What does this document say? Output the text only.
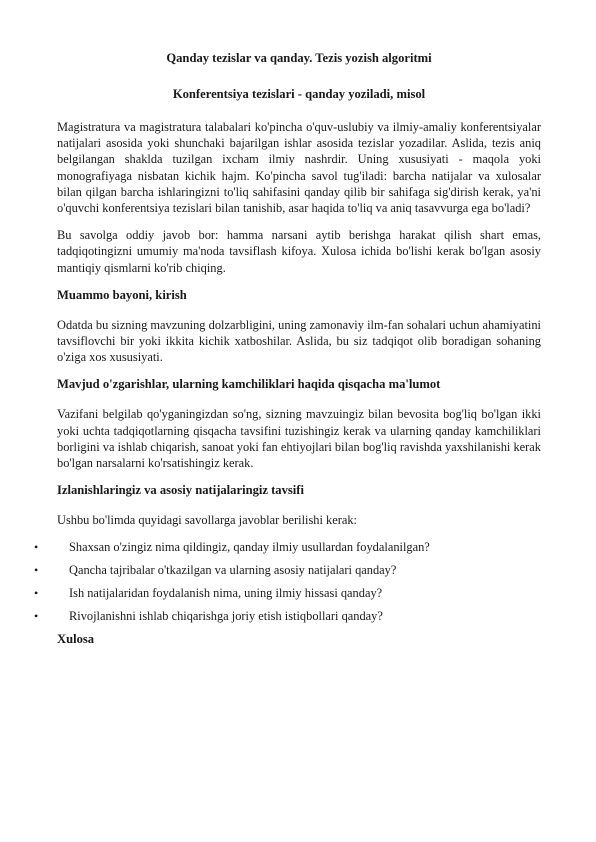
Qanday tezislar va qanday. Tezis yozish algoritmi
Konferentsiya tezislari - qanday yoziladi, misol

Magistratura va magistratura talabalari ko'pincha o'quv-uslubiy va ilmiy-amaliy konferentsiyalar natijalari asosida yoki shunchaki bajarilgan ishlar asosida tezislar yozadilar. Aslida, tezis aniq belgilangan shaklda tuzilgan ixcham ilmiy nashrdir. Uning xususiyati - maqola yoki monografiyaga nisbatan kichik hajm. Ko'pincha savol tug'iladi: barcha natijalar va xulosalar bilan qilgan barcha ishlaringizni to'liq sahifasini qanday qilib bir sahifaga sig'dirish kerak, ya'ni o'quvchi konferentsiya tezislari bilan tanishib, asar haqida to'liq va aniq tasavvurga ega bo'ladi?

Bu savolga oddiy javob bor: hamma narsani aytib berishga harakat qilish shart emas, tadqiqotingizni umumiy ma'noda tavsiflash kifoya. Xulosa ichida bo'lishi kerak bo'lgan asosiy mantiqiy qismlarni ko'rib chiqing.

Muammo bayoni, kirish

Odatda bu sizning mavzuning dolzarbligini, uning zamonaviy ilm-fan sohalari uchun ahamiyatini tavsiflovchi bir yoki ikkita kichik xatboshilar. Aslida, bu siz tadqiqot olib boradigan sohaning o'ziga xos xususiyati.

Mavjud o'zgarishlar, ularning kamchiliklari haqida qisqacha ma'lumot

Vazifani belgilab qo'yganingizdan so'ng, sizning mavzuingiz bilan bevosita bog'liq bo'lgan ikki yoki uchta tadqiqotlarning qisqacha tavsifini tuzishingiz kerak va ularning qanday kamchiliklari borligini va ishlab chiqarish, sanoat yoki fan ehtiyojlari bilan bog'liq ravishda yaxshilanishi kerak bo'lgan narsalarni ko'rsatishingiz kerak.

Izlanishlaringiz va asosiy natijalaringiz tavsifi

Ushbu bo'limda quyidagi savollarga javoblar berilishi kerak:

• Shaxsan o'zingiz nima qildingiz, qanday ilmiy usullardan foydalanilgan?
• Qancha tajribalar o'tkazilgan va ularning asosiy natijalari qanday?
• Ish natijalaridan foydalanish nima, uning ilmiy hissasi qanday?
• Rivojlanishni ishlab chiqarishga joriy etish istiqbollari qanday?
Xulosa
